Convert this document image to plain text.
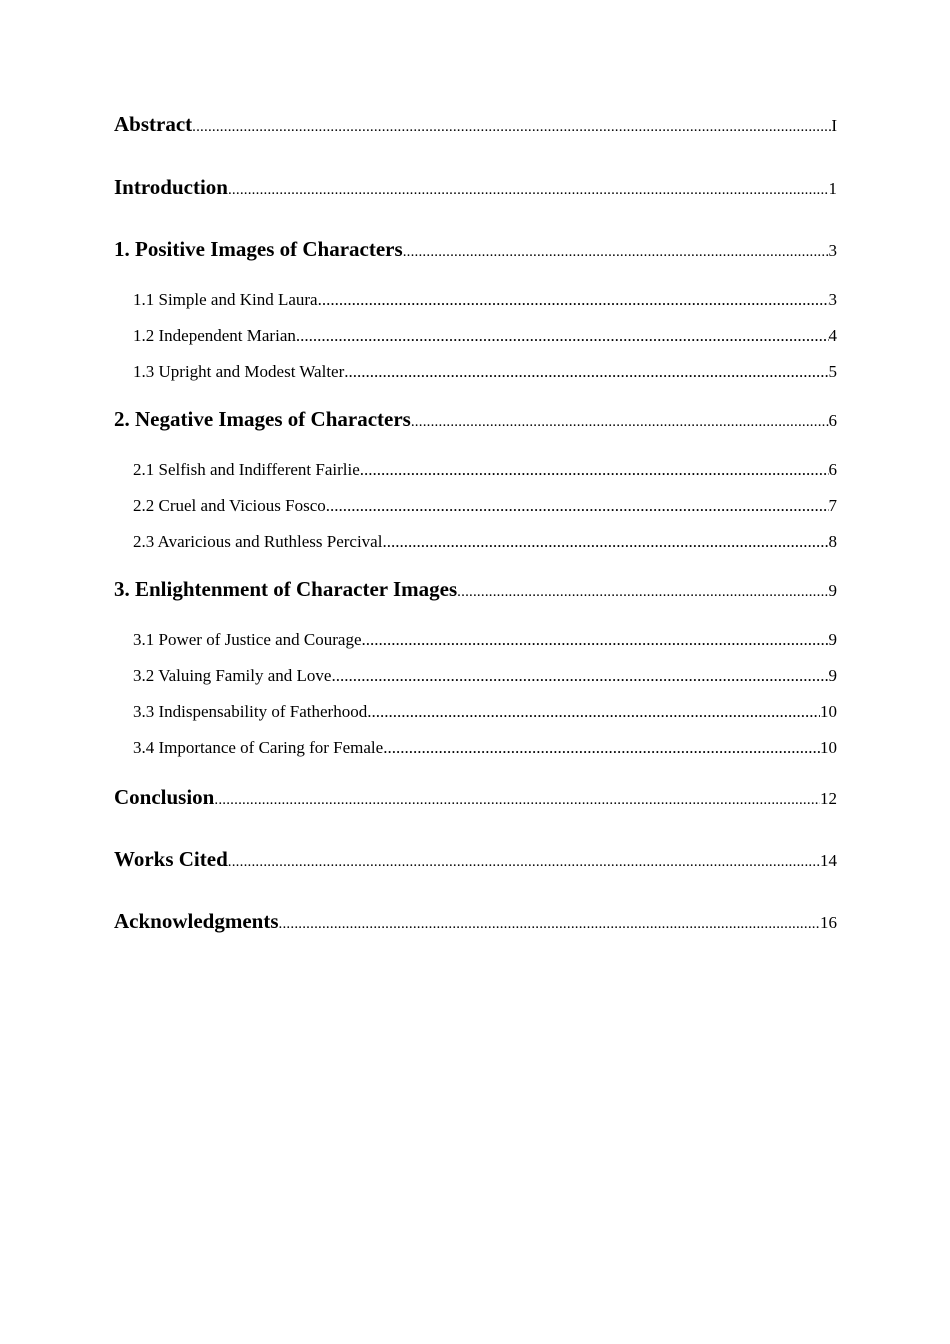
Abstract .....	I
Introduction .....	1
1. Positive Images of Characters .....	3
1.1 Simple and Kind Laura .....	3
1.2 Independent Marian .....	4
1.3 Upright and Modest Walter .....	5
2. Negative Images of Characters .....	6
2.1 Selfish and Indifferent Fairlie .....	6
2.2 Cruel and Vicious Fosco .....	7
2.3 Avaricious and Ruthless Percival .....	8
3. Enlightenment of Character Images .....	9
3.1 Power of Justice and Courage .....	9
3.2 Valuing Family and Love .....	9
3.3 Indispensability of Fatherhood .....	10
3.4 Importance of Caring for Female .....	10
Conclusion .....	12
Works Cited .....	14
Acknowledgments .....	16
